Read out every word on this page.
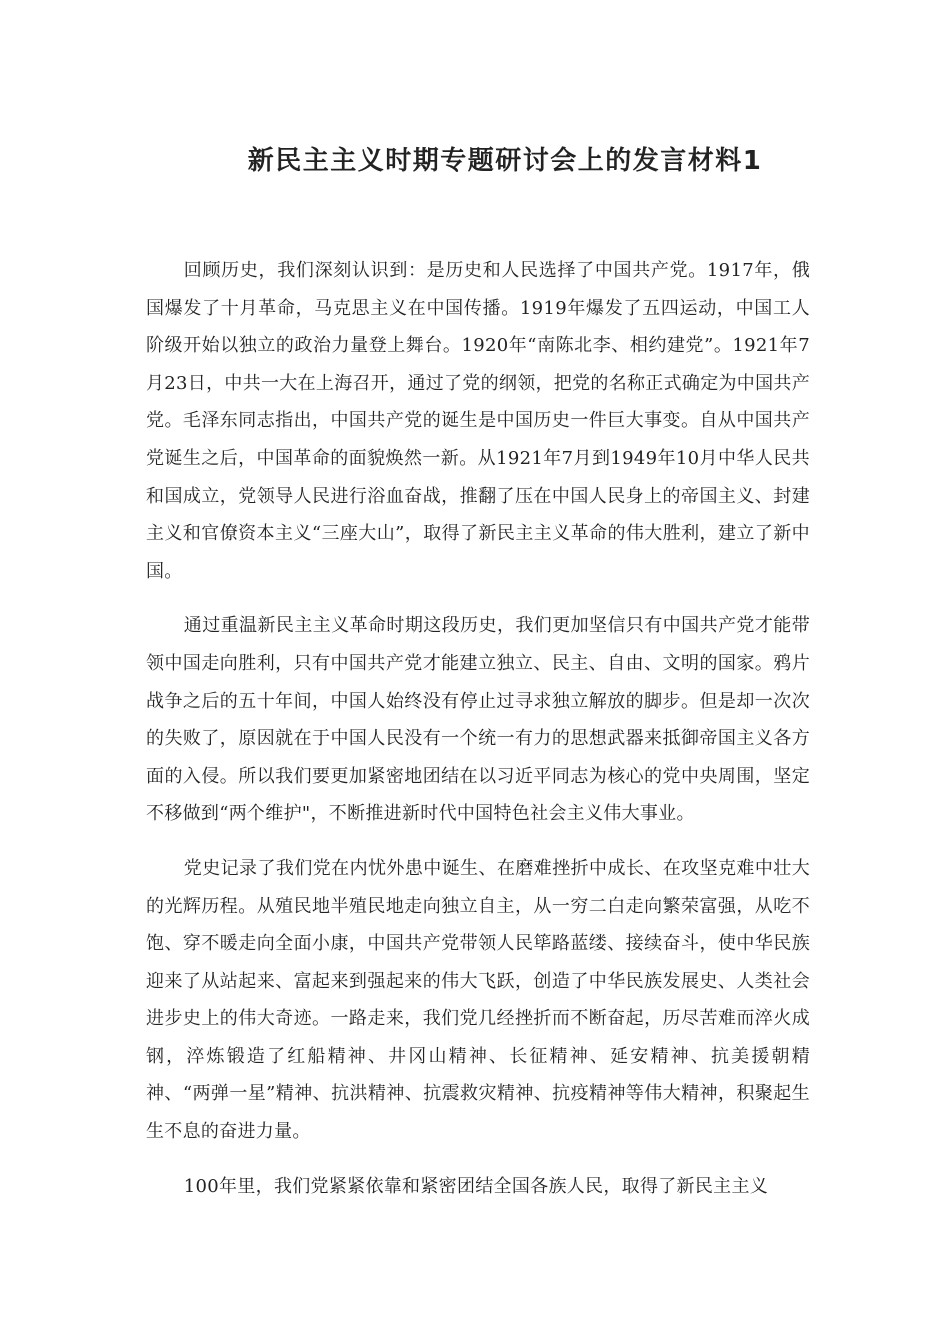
新民主主义时期专题研讨会上的发言材料1

回顾历史，我们深刻认识到：是历史和人民选择了中国共产党。1917年，俄国爆发了十月革命，马克思主义在中国传播。1919年爆发了五四运动，中国工人阶级开始以独立的政治力量登上舞台。1920年“南陈北李、相约建党”。1921年7月23日，中共一大在上海召开，通过了党的纲领，把党的名称正式确定为中国共产党。毛泽东同志指出，中国共产党的诞生是中国历史一件巨大事变。自从中国共产党诞生之后，中国革命的面貌焕然一新。从1921年7月到1949年10月中华人民共和国成立，党领导人民进行浴血奋战，推翻了压在中国人民身上的帝国主义、封建主义和官僚资本主义“三座大山”，取得了新民主主义革命的伟大胜利，建立了新中国。

通过重温新民主主义革命时期这段历史，我们更加坚信只有中国共产党才能带领中国走向胜利，只有中国共产党才能建立独立、民主、自由、文明的国家。鸦片战争之后的五十年间，中国人始终没有停止过寻求独立解放的脚步。但是却一次次的失败了，原因就在于中国人民没有一个统一有力的思想武器来抵御帝国主义各方面的入侵。所以我们要更加紧密地团结在以习近平同志为核心的党中央周围，坚定不移做到“两个维护"，不断推进新时代中国特色社会主义伟大事业。

党史记录了我们党在内忧外患中诞生、在磨难挫折中成长、在攻坚克难中壮大的光辉历程。从殖民地半殖民地走向独立自主，从一穷二白走向繁荣富强，从吃不饱、穿不暖走向全面小康，中国共产党带领人民筚路蓝缕、接续奋斗，使中华民族迎来了从站起来、富起来到强起来的伟大飞跃，创造了中华民族发展史、人类社会进步史上的伟大奇迹。一路走来，我们党几经挫折而不断奋起，历尽苦难而淬火成钢，淬炼锻造了红船精神、井冈山精神、长征精神、延安精神、抗美援朝精神、“两弹一星”精神、抗洪精神、抗震救灾精神、抗疫精神等伟大精神，积聚起生生不息的奋进力量。

100年里，我们党紧紧依靠和紧密团结全国各族人民，取得了新民主主义
